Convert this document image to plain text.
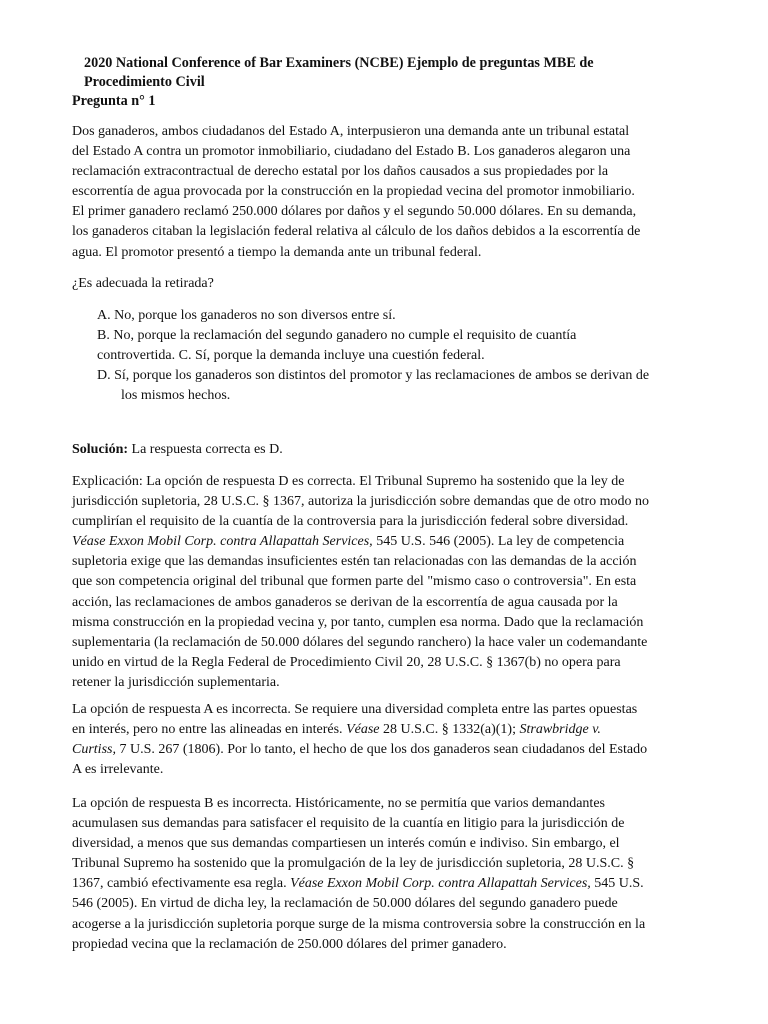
2020 National Conference of Bar Examiners (NCBE) Ejemplo de preguntas MBE de
Procedimiento Civil
Pregunta n° 1
Dos ganaderos, ambos ciudadanos del Estado A, interpusieron una demanda ante un tribunal estatal
del Estado A contra un promotor inmobiliario, ciudadano del Estado B. Los ganaderos alegaron una
reclamación extracontractual de derecho estatal por los daños causados a sus propiedades por la
escorrentía de agua provocada por la construcción en la propiedad vecina del promotor inmobiliario.
El primer ganadero reclamó 250.000 dólares por daños y el segundo 50.000 dólares. En su demanda,
los ganaderos citaban la legislación federal relativa al cálculo de los daños debidos a la escorrentía de
agua. El promotor presentó a tiempo la demanda ante un tribunal federal.
¿Es adecuada la retirada?
A. No, porque los ganaderos no son diversos entre sí.
B. No, porque la reclamación del segundo ganadero no cumple el requisito de cuantía
controvertida. C. Sí, porque la demanda incluye una cuestión federal.
D. Sí, porque los ganaderos son distintos del promotor y las reclamaciones de ambos se derivan de
los mismos hechos.
Solución: La respuesta correcta es D.
Explicación: La opción de respuesta D es correcta. El Tribunal Supremo ha sostenido que la ley de
jurisdicción supletoria, 28 U.S.C. § 1367, autoriza la jurisdicción sobre demandas que de otro modo no
cumplirían el requisito de la cuantía de la controversia para la jurisdicción federal sobre diversidad.
Véase Exxon Mobil Corp. contra Allapattah Services, 545 U.S. 546 (2005). La ley de competencia
supletoria exige que las demandas insuficientes estén tan relacionadas con las demandas de la acción
que son competencia original del tribunal que formen parte del "mismo caso o controversia". En esta
acción, las reclamaciones de ambos ganaderos se derivan de la escorrentía de agua causada por la
misma construcción en la propiedad vecina y, por tanto, cumplen esa norma. Dado que la reclamación
suplementaria (la reclamación de 50.000 dólares del segundo ranchero) la hace valer un codemandante
unido en virtud de la Regla Federal de Procedimiento Civil 20, 28 U.S.C. § 1367(b) no opera para
retener la jurisdicción suplementaria.
La opción de respuesta A es incorrecta. Se requiere una diversidad completa entre las partes opuestas
en interés, pero no entre las alineadas en interés. Véase 28 U.S.C. § 1332(a)(1); Strawbridge v.
Curtiss, 7 U.S. 267 (1806). Por lo tanto, el hecho de que los dos ganaderos sean ciudadanos del Estado
A es irrelevante.
La opción de respuesta B es incorrecta. Históricamente, no se permitía que varios demandantes
acumulasen sus demandas para satisfacer el requisito de la cuantía en litigio para la jurisdicción de
diversidad, a menos que sus demandas compartiesen un interés común e indiviso. Sin embargo, el
Tribunal Supremo ha sostenido que la promulgación de la ley de jurisdicción supletoria, 28 U.S.C. §
1367, cambió efectivamente esa regla. Véase Exxon Mobil Corp. contra Allapattah Services, 545 U.S.
546 (2005). En virtud de dicha ley, la reclamación de 50.000 dólares del segundo ganadero puede
acogerse a la jurisdicción supletoria porque surge de la misma controversia sobre la construcción en la
propiedad vecina que la reclamación de 250.000 dólares del primer ganadero.
